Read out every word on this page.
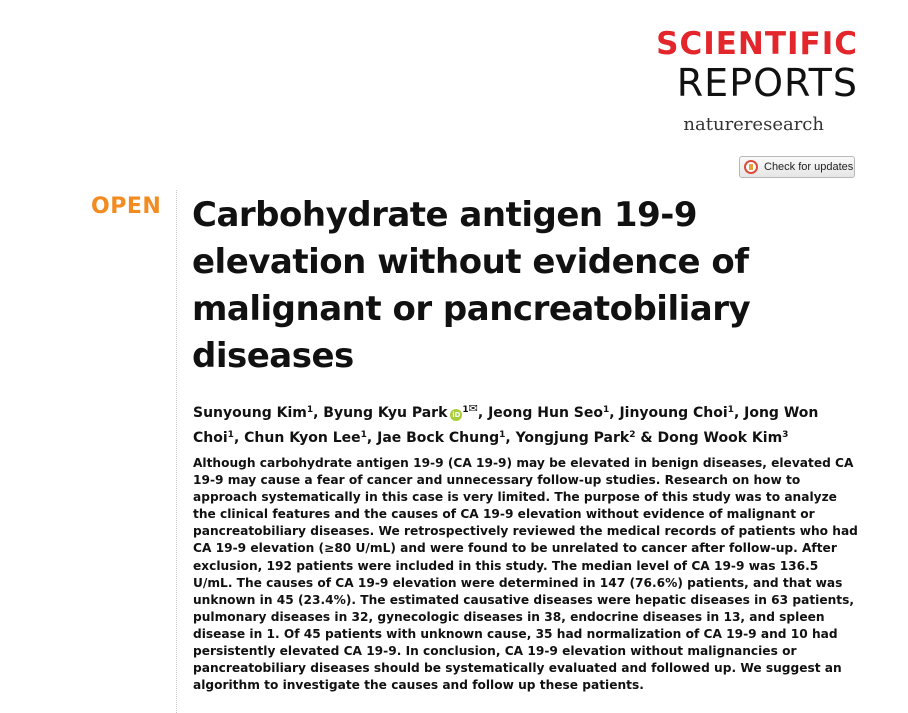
SCIENTIFIC
REPORTS
natureresearch
Check for updates
OPEN Carbohydrate antigen 19-9 elevation without evidence of malignant or pancreatobiliary diseases
Sunyoung Kim$^1$, Byung Kyu Park iD $^{1✉}$, Jeong Hun Seo$^1$, Jinyoung Choi$^1$, Jong Won Choi$^1$, Chun Kyon Lee$^1$, Jae Bock Chung$^1$, Yongjung Park$^2$ & Dong Wook Kim$^3$

Although carbohydrate antigen 19-9 (CA 19-9) may be elevated in benign diseases, elevated CA 19-9 may cause a fear of cancer and unnecessary follow-up studies. Research on how to approach systematically in this case is very limited. The purpose of this study was to analyze the clinical features and the causes of CA 19-9 elevation without evidence of malignant or pancreatobiliary diseases. We retrospectively reviewed the medical records of patients who had CA 19-9 elevation (≥80 U/mL) and were found to be unrelated to cancer after follow-up. After exclusion, 192 patients were included in this study. The median level of CA 19-9 was 136.5 U/mL. The causes of CA 19-9 elevation were determined in 147 (76.6%) patients, and that was unknown in 45 (23.4%). The estimated causative diseases were hepatic diseases in 63 patients, pulmonary diseases in 32, gynecologic diseases in 38, endocrine diseases in 13, and spleen disease in 1. Of 45 patients with unknown cause, 35 had normalization of CA 19-9 and 10 had persistently elevated CA 19-9. In conclusion, CA 19-9 elevation without malignancies or pancreatobiliary diseases should be systematically evaluated and followed up. We suggest an algorithm to investigate the causes and follow up these patients.
